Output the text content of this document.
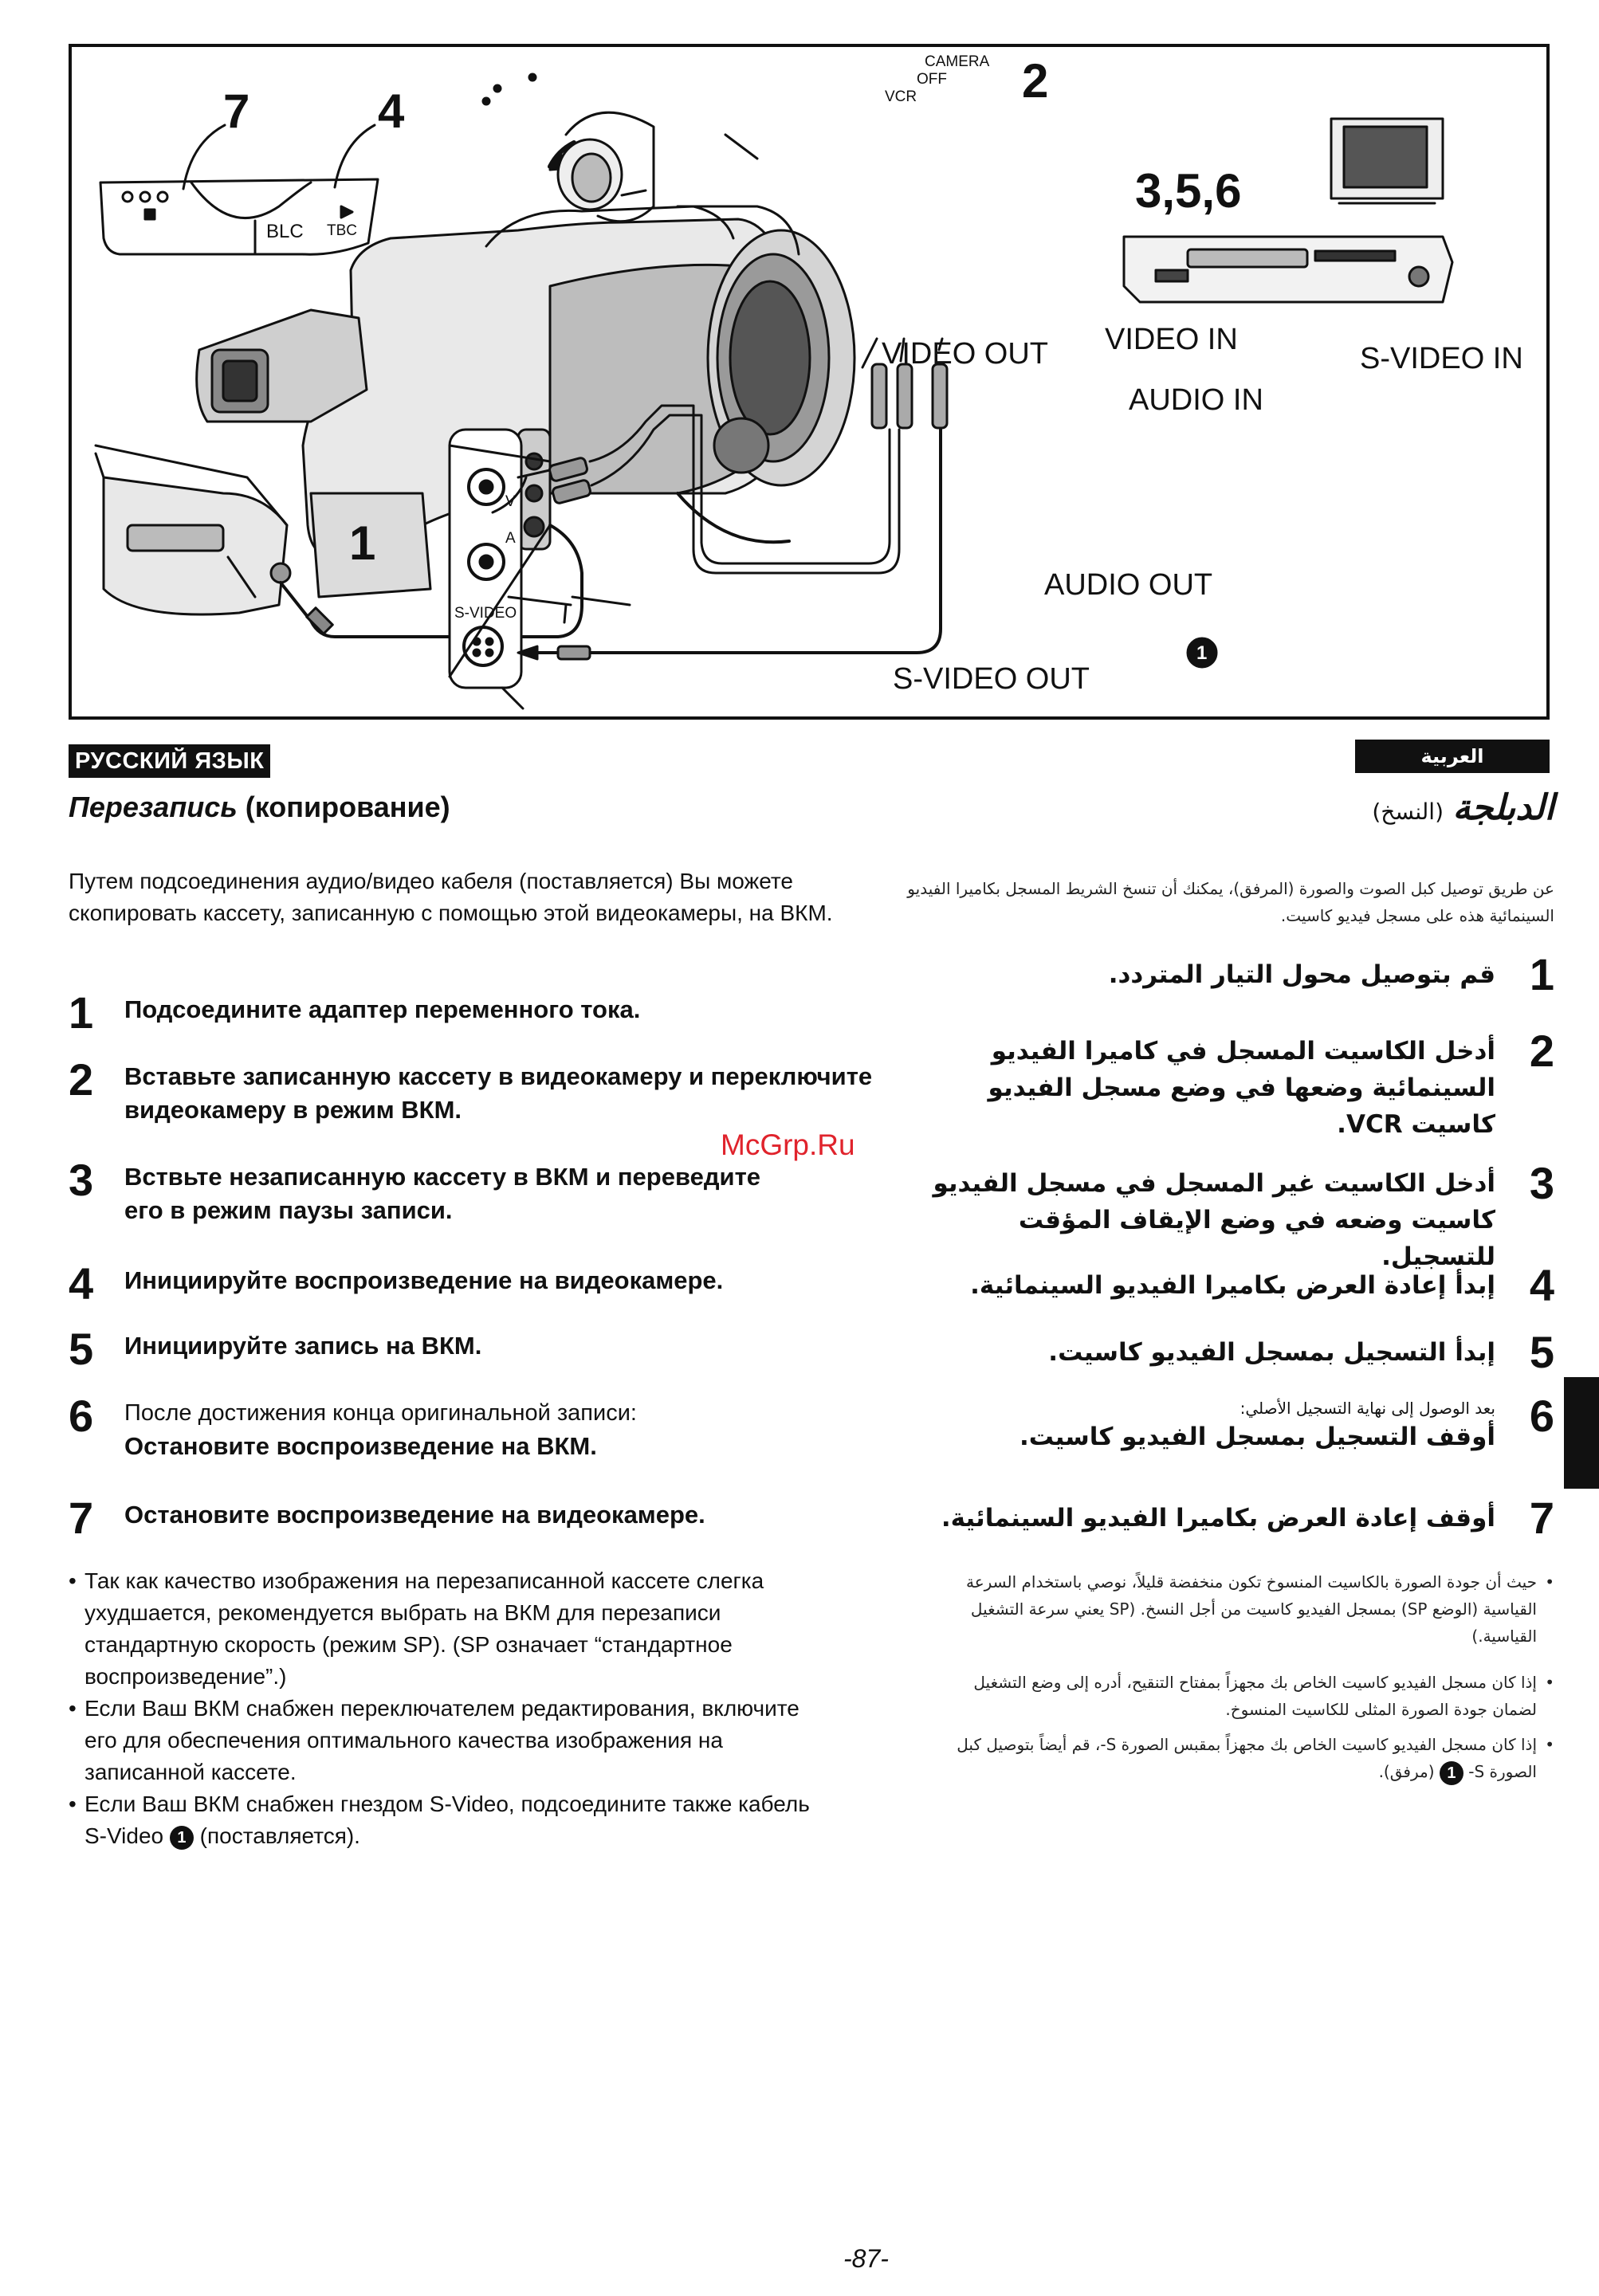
7	4
2
3,5,6
1
CAMERA
OFF
VCR
BLC TBC
VIDEO OUT VIDEO IN
S-VIDEO IN
AUDIO IN
AUDIO OUT
S-VIDEO OUT
S-VIDEO
V
A
1
РУССКИЙ ЯЗЫК	العربية
Перезапись (копирование)	الدبلجة (النسخ)
Путем подсоединения аудио/видео кабеля (поставляется) Вы можете скопировать кассету, записанную с помощью этой видеокамеры, на ВКМ.
1 Подсоедините адаптер переменного тока.
2 Вставьте записанную кассету в видеокамеру и переключите видеокамеру в режим ВКМ.
3 Вствьте незаписанную кассету в ВКМ и переведите его в режим паузы записи.
4 Инициируйте воспроизведение на видеокамере.
5 Инициируйте запись на ВКМ.
6 После достижения конца оригинальной записи:
Остановите воспроизведение на ВКМ.
7 Остановите воспроизведение на видеокамере.
• Так как качество изображения на перезаписанной кассете слегка ухудшается, рекомендуется выбрать на ВКМ для перезаписи стандартную скорость (режим SP). (SP означает “стандартное воспроизведение”.)
• Если Ваш ВКМ снабжен переключателем редактирования, включите его для обеспечения оптимального качества изображения на записанной кассете.
• Если Ваш ВКМ снабжен гнездом S-Video, подсоедините также кабель S-Video 1 (поставляется).
عن طريق توصيل كبل الصوت والصورة (المرفق)، يمكنك أن تنسخ الشريط المسجل بكاميرا الفيديو السينمائية هذه على مسجل فيديو كاسيت.
1
قم بتوصيل محول التيار المتردد.
2
أدخل الكاسيت المسجل في كاميرا الفيديو السينمائية وضعها في وضع مسجل الفيديو كاسيت VCR.
3
أدخل الكاسيت غير المسجل في مسجل الفيديو كاسيت وضعه في وضع الإيقاف المؤقت للتسجيل.
4
إبدأ إعادة العرض بكاميرا الفيديو السينمائية.
5
إبدأ التسجيل بمسجل الفيديو كاسيت.
6
بعد الوصول إلى نهاية التسجيل الأصلي:
أوقف التسجيل بمسجل الفيديو كاسيت.
7
أوقف إعادة العرض بكاميرا الفيديو السينمائية.
•
حيث أن جودة الصورة بالكاسيت المنسوخ تكون منخفضة قليلاً، نوصي باستخدام السرعة القياسية (الوضع SP) بمسجل الفيديو كاسيت من أجل النسخ. (SP يعني سرعة التشغيل القياسية.)
•
إذا كان مسجل الفيديو كاسيت الخاص بك مجهزاً بمفتاح التنقيح، أدره إلى وضع التشغيل لضمان جودة الصورة المثلى للكاسيت المنسوخ.
•
إذا كان مسجل الفيديو كاسيت الخاص بك مجهزاً بمقبس الصورة S-، قم أيضاً بتوصيل كبل الصورة S- 1 (مرفق).
McGrp.Ru
-87-
